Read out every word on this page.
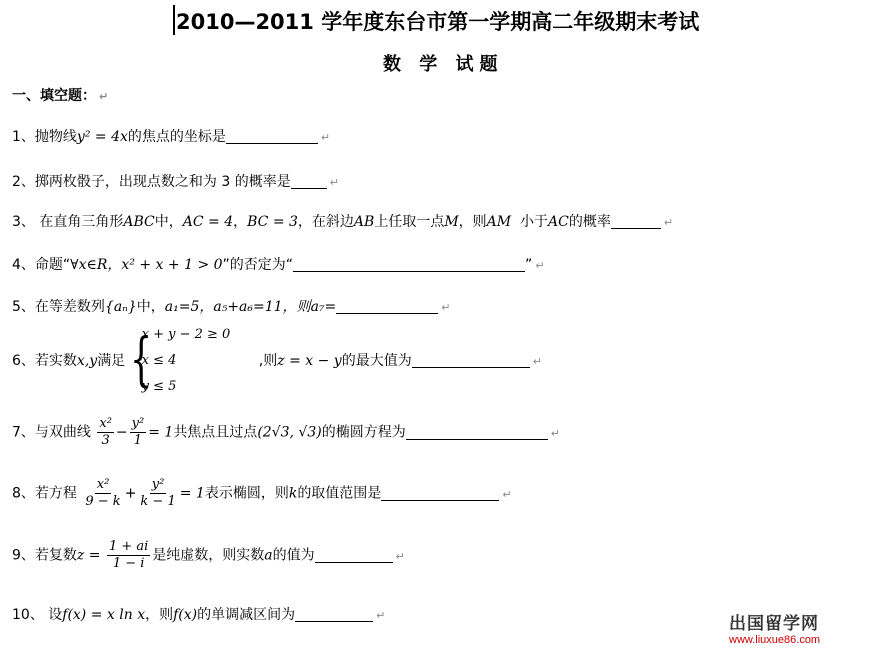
2010—2011 学年度东台市第一学期高二年级期末考试
数 学 试题
一、填空题： ↵
1、抛物线y² = 4x的焦点的坐标是	↵
2、掷两枚骰子，出现点数之和为 3 的概率是	↵
3、 在直角三角形ABC中，AC = 4，BC = 3，在斜边AB上任取一点M，则AM 小于AC的概率	↵
4、命题“∀x∈R，x² + x + 1 > 0”的否定为“	” ↵
5、在等差数列{aₙ}中，a₁=5，a₅+a₆=11，则a₇=	↵
6、若实数x,y满足 {
x + y − 2 ≥ 0
x ≤ 4
y ≤ 5
,则z = x − y的最大值为	↵
7、与双曲线 $\frac{\text{x²}}{3} - \frac{\text{y²}}{1} = 1$共焦点且过点(2√3, √3)的椭圆方程为	↵
8、若方程 $\frac{\text{x²}}{9 - k} + \frac{\text{y²}}{k - 1} = 1$表示椭圆，则k的取值范围是	↵
9、若复数$z = \frac{1 + ai}{1 - i}$ 是纯虚数，则实数a的值为	↵
10、 设f(x) = x ln x，则f(x)的单调减区间为	↵	出国留学网
www.liuxue86.com
